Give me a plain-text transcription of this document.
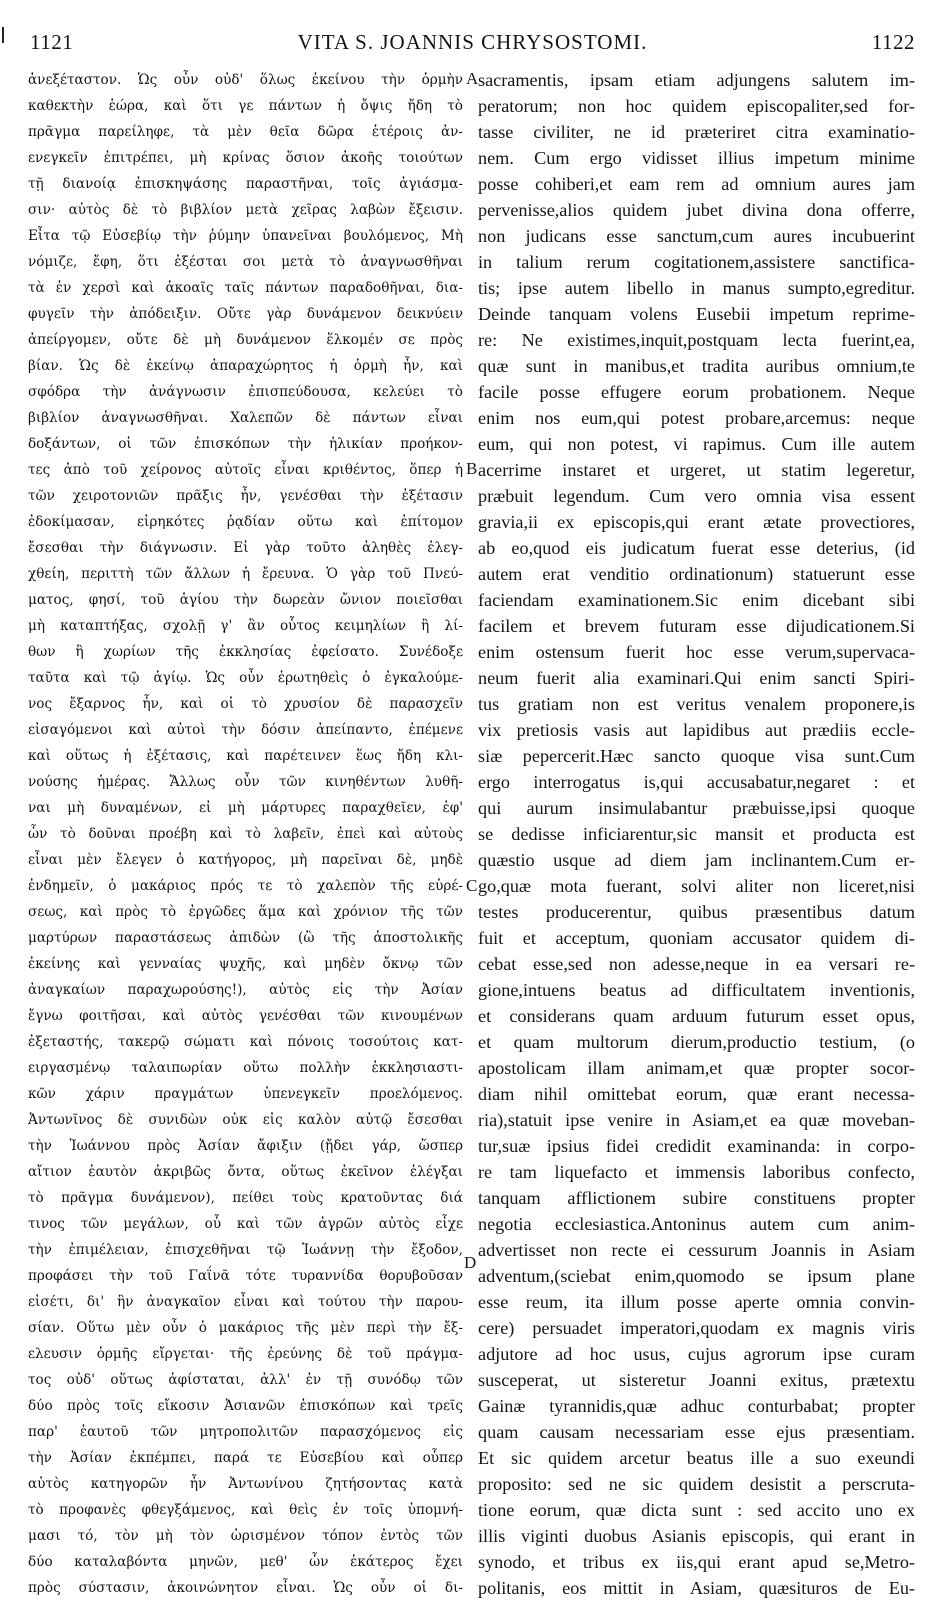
1121	VITA S. JOANNIS CHRYSOSTOMI.	1122
ἀνεξέταστον. Ὡς οὖν οὐδ' ὅλως ἐκείνου τὴν ὁρμὴν
καθεκτὴν ἑώρα, καὶ ὅτι γε πάντων ἡ ὄψις ἤδη τὸ
πρᾶγμα παρείληφε, τὰ μὲν θεῖα δῶρα ἑτέροις ἀν-
ενεγκεῖν ἐπιτρέπει, μὴ κρίνας ὅσιον ἀκοῆς τοιούτων
τῇ διανοίᾳ ἐπισκηψάσης παραστῆναι, τοῖς ἁγιάσμα-
σιν· αὐτὸς δὲ τὸ βιβλίον μετὰ χεῖρας λαβὼν ἔξεισιν.
Εἶτα τῷ Εὐσεβίῳ τὴν ῥύμην ὑπανεῖναι βουλόμενος, Μὴ
νόμιζε, ἔφη, ὅτι ἐξέσται σοι μετὰ τὸ ἀναγνωσθῆναι
τὰ ἐν χερσὶ καὶ ἀκοαῖς ταῖς πάντων παραδοθῆναι, δια-
φυγεῖν τὴν ἀπόδειξιν. Οὔτε γὰρ δυνάμενον δεικνύειν
ἀπείργομεν, οὔτε δὲ μὴ δυνάμενον ἕλκομέν σε πρὸς
βίαν. Ὡς δὲ ἐκείνῳ ἀπαραχώρητος ἡ ὁρμὴ ἦν, καὶ
σφόδρα τὴν ἀνάγνωσιν ἐπισπεύδουσα, κελεύει τὸ
βιβλίον ἀναγνωσθῆναι. Χαλεπῶν δὲ πάντων εἶναι
δοξάντων, οἱ τῶν ἐπισκόπων τὴν ἡλικίαν προήκον-
τες ἀπὸ τοῦ χείρονος αὐτοῖς εἶναι κριθέντος, ὅπερ ἡ
τῶν χειροτονιῶν πρᾶξις ἦν, γενέσθαι τὴν ἐξέτασιν
ἐδοκίμασαν, εἰρηκότες ῥᾳδίαν οὕτω καὶ ἐπίτομον
ἔσεσθαι τὴν διάγνωσιν. Εἰ γὰρ τοῦτο ἀληθὲς ἐλεγ-
χθείη, περιττὴ τῶν ἄλλων ἡ ἔρευνα. Ὁ γὰρ τοῦ Πνεύ-
ματος, φησί, τοῦ ἁγίου τὴν δωρεὰν ὤνιον ποιεῖσθαι
μὴ καταπτήξας, σχολῇ γ' ἂν οὗτος κειμηλίων ἢ λί-
θων ἢ χωρίων τῆς ἐκκλησίας ἐφείσατο. Συνέδοξε
ταῦτα καὶ τῷ ἁγίῳ. Ὡς οὖν ἐρωτηθεὶς ὁ ἐγκαλούμε-
νος ἔξαρνος ἦν, καὶ οἱ τὸ χρυσίον δὲ παρασχεῖν
εἰσαγόμενοι καὶ αὐτοὶ τὴν δόσιν ἀπείπαντο, ἐπέμενε
καὶ οὕτως ἡ ἐξέτασις, καὶ παρέτεινεν ἕως ἤδη κλι-
νούσης ἡμέρας. Ἄλλως οὖν τῶν κινηθέντων λυθῆ-
ναι μὴ δυναμένων, εἰ μὴ μάρτυρες παραχθεῖεν, ἐφ'
ὧν τὸ δοῦναι προέβη καὶ τὸ λαβεῖν, ἐπεὶ καὶ αὐτοὺς
εἶναι μὲν ἔλεγεν ὁ κατήγορος, μὴ παρεῖναι δὲ, μηδὲ
ἐνδημεῖν, ὁ μακάριος πρός τε τὸ χαλεπὸν τῆς εὑρέ-
σεως, καὶ πρὸς τὸ ἐργῶδες ἅμα καὶ χρόνιον τῆς τῶν
μαρτύρων παραστάσεως ἀπιδὼν (ὢ τῆς ἀποστολικῆς
ἐκείνης καὶ γενναίας ψυχῆς, καὶ μηδὲν ὄκνῳ τῶν
ἀναγκαίων παραχωρούσης!), αὐτὸς εἰς τὴν Ἀσίαν
ἔγνω φοιτῆσαι, καὶ αὐτὸς γενέσθαι τῶν κινουμένων
ἐξεταστής, τακερῷ σώματι καὶ πόνοις τοσούτοις κατ-
ειργασμένῳ ταλαιπωρίαν οὕτω πολλὴν ἐκκλησιαστι-
κῶν χάριν πραγμάτων ὑπενεγκεῖν προελόμενος.
Ἀντωνῖνος δὲ συνιδὼν οὐκ εἰς καλὸν αὐτῷ ἔσεσθαι
τὴν Ἰωάννου πρὸς Ἀσίαν ἄφιξιν (ᾔδει γάρ, ὥσπερ
αἴτιον ἑαυτὸν ἀκριβῶς ὄντα, οὕτως ἐκεῖνον ἐλέγξαι
τὸ πρᾶγμα δυνάμενον), πείθει τοὺς κρατοῦντας διά
τινος τῶν μεγάλων, οὗ καὶ τῶν ἀγρῶν αὐτὸς εἶχε
τὴν ἐπιμέλειαν, ἐπισχεθῆναι τῷ Ἰωάννῃ τὴν ἔξοδον,
προφάσει τὴν τοῦ Γαΐνᾶ τότε τυραννίδα θορυβοῦσαν
εἰσέτι, δι' ἣν ἀναγκαῖον εἶναι καὶ τούτου τὴν παρου-
σίαν. Οὕτω μὲν οὖν ὁ μακάριος τῆς μὲν περὶ τὴν ἔξ-
ελευσιν ὁρμῆς εἴργεται· τῆς ἐρεύνης δὲ τοῦ πράγμα-
τος οὐδ' οὕτως ἀφίσταται, ἀλλ' ἐν τῇ συνόδῳ τῶν
δύο πρὸς τοῖς εἴκοσιν Ἀσιανῶν ἐπισκόπων καὶ τρεῖς
παρ' ἑαυτοῦ τῶν μητροπολιτῶν παρασχόμενος εἰς
τὴν Ἀσίαν ἐκπέμπει, παρά τε Εὐσεβίου καὶ οὗπερ
αὐτὸς κατηγορῶν ἦν Ἀντωνίνου ζητήσοντας κατὰ
τὸ προφανὲς φθεγξάμενος, καὶ θεὶς ἐν τοῖς ὑπομνή-
μασι τό, τὸν μὴ τὸν ὡρισμένον τόπον ἐντὸς τῶν
δύο καταλαβόντα μηνῶν, μεθ' ὧν ἑκάτερος ἔχει
πρὸς σύστασιν, ἀκοινώνητον εἶναι. Ὡς οὖν οἱ δι-
sacramentis, ipsam etiam adjungens salutem im-
peratorum; non hoc quidem episcopaliter,sed for-
tasse civiliter, ne id præteriret citra examinatio-
nem. Cum ergo vidisset illius impetum minime
posse cohiberi,et eam rem ad omnium aures jam
pervenisse,alios quidem jubet divina dona offerre,
non judicans esse sanctum,cum aures incubuerint
in talium rerum cogitationem,assistere sanctifica-
tis; ipse autem libello in manus sumpto,egreditur.
Deinde tanquam volens Eusebii impetum reprime-
re: Ne existimes,inquit,postquam lecta fuerint,ea,
quæ sunt in manibus,et tradita auribus omnium,te
facile posse effugere eorum probationem. Neque
enim nos eum,qui potest probare,arcemus: neque
eum, qui non potest, vi rapimus. Cum ille autem
acerrime instaret et urgeret, ut statim legeretur,
præbuit legendum. Cum vero omnia visa essent
gravia,ii ex episcopis,qui erant ætate provectiores,
ab eo,quod eis judicatum fuerat esse deterius, (id
autem erat venditio ordinationum) statuerunt esse
faciendam examinationem.Sic enim dicebant sibi
facilem et brevem futuram esse dijudicationem.Si
enim ostensum fuerit hoc esse verum,supervaca-
neum fuerit alia examinari.Qui enim sancti Spiri-
tus gratiam non est veritus venalem proponere,is
vix pretiosis vasis aut lapidibus aut prædiis eccle-
siæ pepercerit.Hæc sancto quoque visa sunt.Cum
ergo interrogatus is,qui accusabatur,negaret : et
qui aurum insimulabantur præbuisse,ipsi quoque
se dedisse inficiarentur,sic mansit et producta est
quæstio usque ad diem jam inclinantem.Cum er-
go,quæ mota fuerant, solvi aliter non liceret,nisi
testes producerentur, quibus præsentibus datum
fuit et acceptum, quoniam accusator quidem di-
cebat esse,sed non adesse,neque in ea versari re-
gione,intuens beatus ad difficultatem inventionis,
et considerans quam arduum futurum esset opus,
et quam multorum dierum,productio testium, (o
apostolicam illam animam,et quæ propter socor-
diam nihil omittebat eorum, quæ erant necessa-
ria),statuit ipse venire in Asiam,et ea quæ moveban-
tur,suæ ipsius fidei credidit examinanda: in corpo-
re tam liquefacto et immensis laboribus confecto,
tanquam afflictionem subire constituens propter
negotia ecclesiastica.Antoninus autem cum anim-
advertisset non recte ei cessurum Joannis in Asiam
adventum,(sciebat enim,quomodo se ipsum plane
esse reum, ita illum posse aperte omnia convin-
cere) persuadet imperatori,quodam ex magnis viris
adjutore ad hoc usus, cujus agrorum ipse curam
susceperat, ut sisteretur Joanni exitus, prætextu
Gainæ tyrannidis,quæ adhuc conturbabat; propter
quam causam necessariam esse ejus præsentiam.
Et sic quidem arcetur beatus ille a suo exeundi
proposito: sed ne sic quidem desistit a perscruta-
tione eorum, quæ dicta sunt : sed accito uno ex
illis viginti duobus Asianis episcopis, qui erant in
synodo, et tribus ex iis,qui erant apud se,Metro-
politanis, eos mittit in Asiam, quæsituros de Eu-
A
B
C
D
